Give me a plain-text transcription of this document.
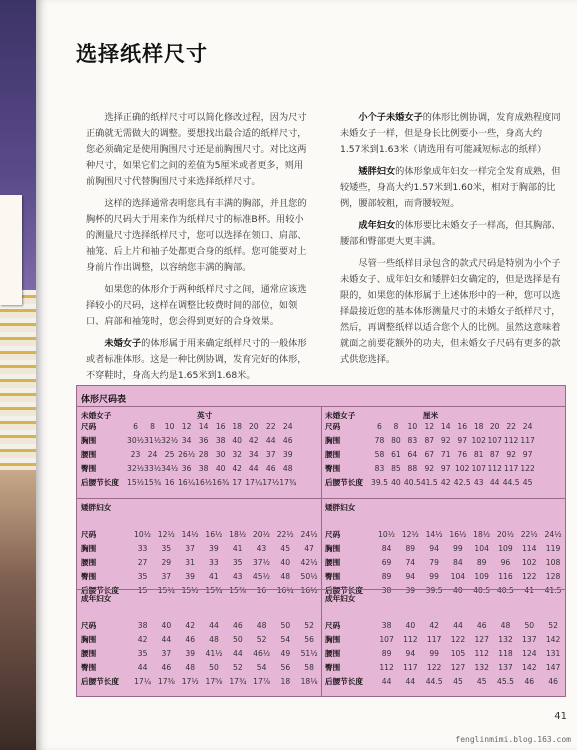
选择纸样尺寸

选择正确的纸样尺寸可以简化修改过程，因为尺寸正确就无需做大的调整。要想找出最合适的纸样尺寸，您必须确定是使用胸围尺寸还是前胸围尺寸。对比这两种尺寸，如果它们之间的差值为5厘米或者更多，则用前胸围尺寸代替胸围尺寸来选择纸样尺寸。

这样的选择通常表明您具有丰满的胸部，并且您的胸杯的尺码大于用来作为纸样尺寸的标准B杯。用较小的测量尺寸选择纸样尺寸，您可以选择在领口、肩部、袖笼、后上片和袖子处都更合身的纸样。您可能要对上身前片作出调整，以容纳您丰满的胸部。

如果您的体形介于两种纸样尺寸之间，通常应该选择较小的尺码，这样在调整比较费时间的部位，如领口、肩部和袖笼时，您会得到更好的合身效果。

未婚女子的体形属于用来确定纸样尺寸的一般体形或者标准体形。这是一种比例协调，发育完好的体形，不穿鞋时，身高大约是1.65米到1.68米。

小个子未婚女子的体形比例协调，发育成熟程度同未婚女子一样，但是身长比例要小一些，身高大约1.57米到1.63米（请选用有可能减短标志的纸样）

矮胖妇女的体形象成年妇女一样完全发育成熟，但较矮些，身高大约1.57米到1.60米，相对于胸部的比例，腰部较粗，而背腰较短。

成年妇女的体形要比未婚女子一样高，但其胸部、腰部和臀部更大更丰满。

尽管一些纸样目录包含的款式尺码是特别为小个子未婚女子、成年妇女和矮胖妇女确定的，但是选择是有限的，如果您的体形属于上述体形中的一种，您可以选择最接近您的基本体形测量尺寸的未婚女子纸样尺寸，然后，再调整纸样以适合您个人的比例。虽然这意味着就面之前要花额外的功夫，但未婚女子尺码有更多的款式供您选择。

体形尺码表
未婚女子	英寸
尺码	6	8	10	12	14	16	18	20	22	24
胸围	30½	31½	32½	34	36	38	40	42	44	46
腰围	23	24	25	26½	28	30	32	34	37	39
臀围	32½	33½	34½	36	38	40	42	44	46	48
后腰节长度	15½	15¾	16	16¼	16½	16¾	17	17¼	17½	17¾
未婚女子	厘米
尺码	6	8	10	12	14	16	18	20	22	24
胸围	78	80	83	87	92	97	102	107	112	117
腰围	58	61	64	67	71	76	81	87	92	97
臀围	83	85	88	92	97	102	107	112	117	122
后腰节长度	39.5	40	40.5	41.5	42	42.5	43	44	44.5	45
矮胖妇女
尺码	10½	12½	14½	16½	18½	20½	22½	24½
胸围	33	35	37	39	41	43	45	47
腰围	27	29	31	33	35	37½	40	42½
臀围	35	37	39	41	43	45½	48	50½
后腰节长度	15	15¼	15½	15¾	15⅞	16	16¼	16½
矮胖妇女
尺码	10½	12½	14½	16½	18½	20½	22½	24½
胸围	84	89	94	99	104	109	114	119
腰围	69	74	79	84	89	96	102	108
臀围	89	94	99	104	109	116	122	128
后腰节长度	38	39	39.5	40	40.5	40.5	41	41.5
成年妇女
尺码	38	40	42	44	46	48	50	52
胸围	42	44	46	48	50	52	54	56
腰围	35	37	39	41½	44	46½	49	51½
臀围	44	46	48	50	52	54	56	58
后腰节长度	17¼	17⅜	17½	17⅝	17¾	17⅞	18	18⅛
成年妇女
尺码	38	40	42	44	46	48	50	52
胸围	107	112	117	122	127	132	137	142
腰围	89	94	99	105	112	118	124	131
臀围	112	117	122	127	132	137	142	147
后腰节长度	44	44	44.5	45	45	45.5	46	46
41
fenglinmimi.blog.163.com
